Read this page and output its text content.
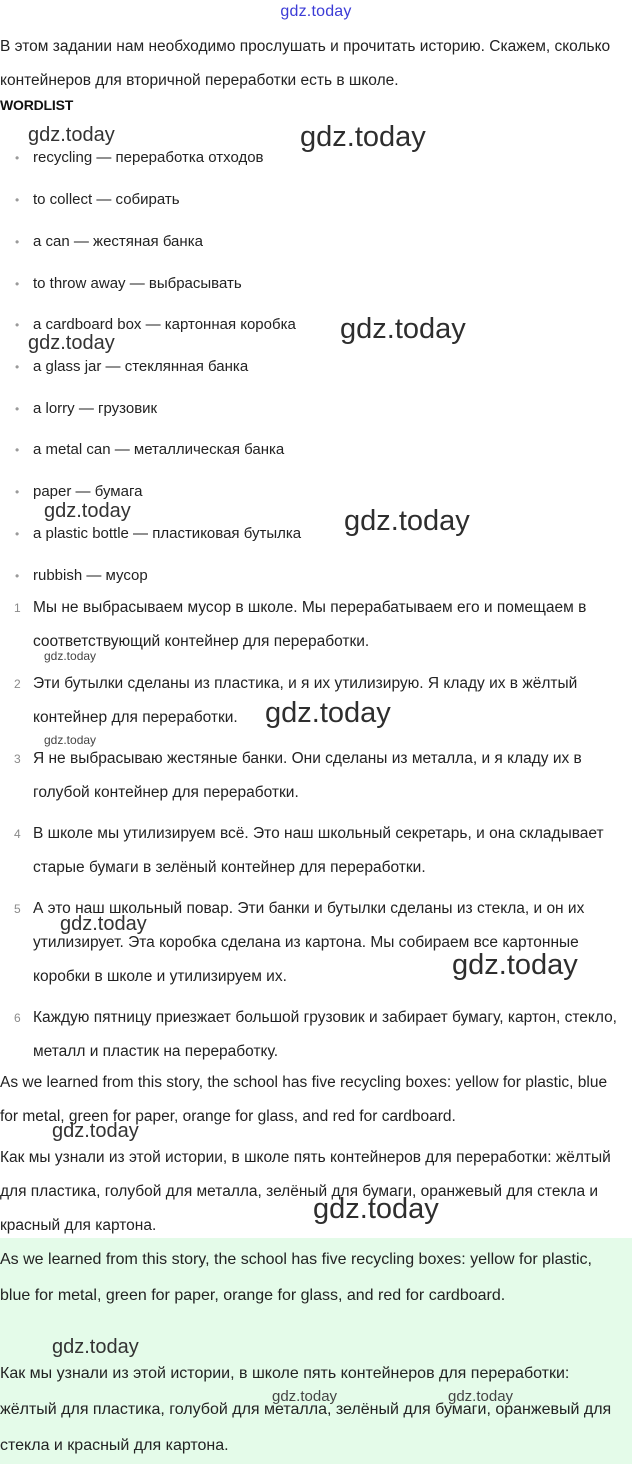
gdz.today
В этом задании нам необходимо прослушать и прочитать историю. Скажем, сколько контейнеров для вторичной переработки есть в школе.
WORDLIST
• recycling — переработка отходов
• to collect — собирать
• a can — жестяная банка
• to throw away — выбрасывать
• a cardboard box — картонная коробка
• a glass jar — стеклянная банка
• a lorry — грузовик
• a metal can — металлическая банка
• paper — бумага
• a plastic bottle — пластиковая бутылка
• rubbish — мусор
1 Мы не выбрасываем мусор в школе. Мы перерабатываем его и помещаем в соответствующий контейнер для переработки.
2 Эти бутылки сделаны из пластика, и я их утилизирую. Я кладу их в жёлтый контейнер для переработки.
3 Я не выбрасываю жестяные банки. Они сделаны из металла, и я кладу их в голубой контейнер для переработки.
4 В школе мы утилизируем всё. Это наш школьный секретарь, и она складывает старые бумаги в зелёный контейнер для переработки.
5 А это наш школьный повар. Эти банки и бутылки сделаны из стекла, и он их утилизирует. Эта коробка сделана из картона. Мы собираем все картонные коробки в школе и утилизируем их.
6 Каждую пятницу приезжает большой грузовик и забирает бумагу, картон, стекло, металл и пластик на переработку.
As we learned from this story, the school has five recycling boxes: yellow for plastic, blue for metal, green for paper, orange for glass, and red for cardboard.
Как мы узнали из этой истории, в школе пять контейнеров для переработки: жёлтый для пластика, голубой для металла, зелёный для бумаги, оранжевый для стекла и красный для картона.
As we learned from this story, the school has five recycling boxes: yellow for plastic, blue for metal, green for paper, orange for glass, and red for cardboard.
Как мы узнали из этой истории, в школе пять контейнеров для переработки: жёлтый для пластика, голубой для металла, зелёный для бумаги, оранжевый для стекла и красный для картона.
gdz.today	gdz.today
gdz.today
gdz.today
gdz.today	gdz.today
gdz.today
gdz.today
gdz.today
gdz.today
gdz.today
gdz.today
gdz.today
gdz.today
gdz.today	gdz.today
